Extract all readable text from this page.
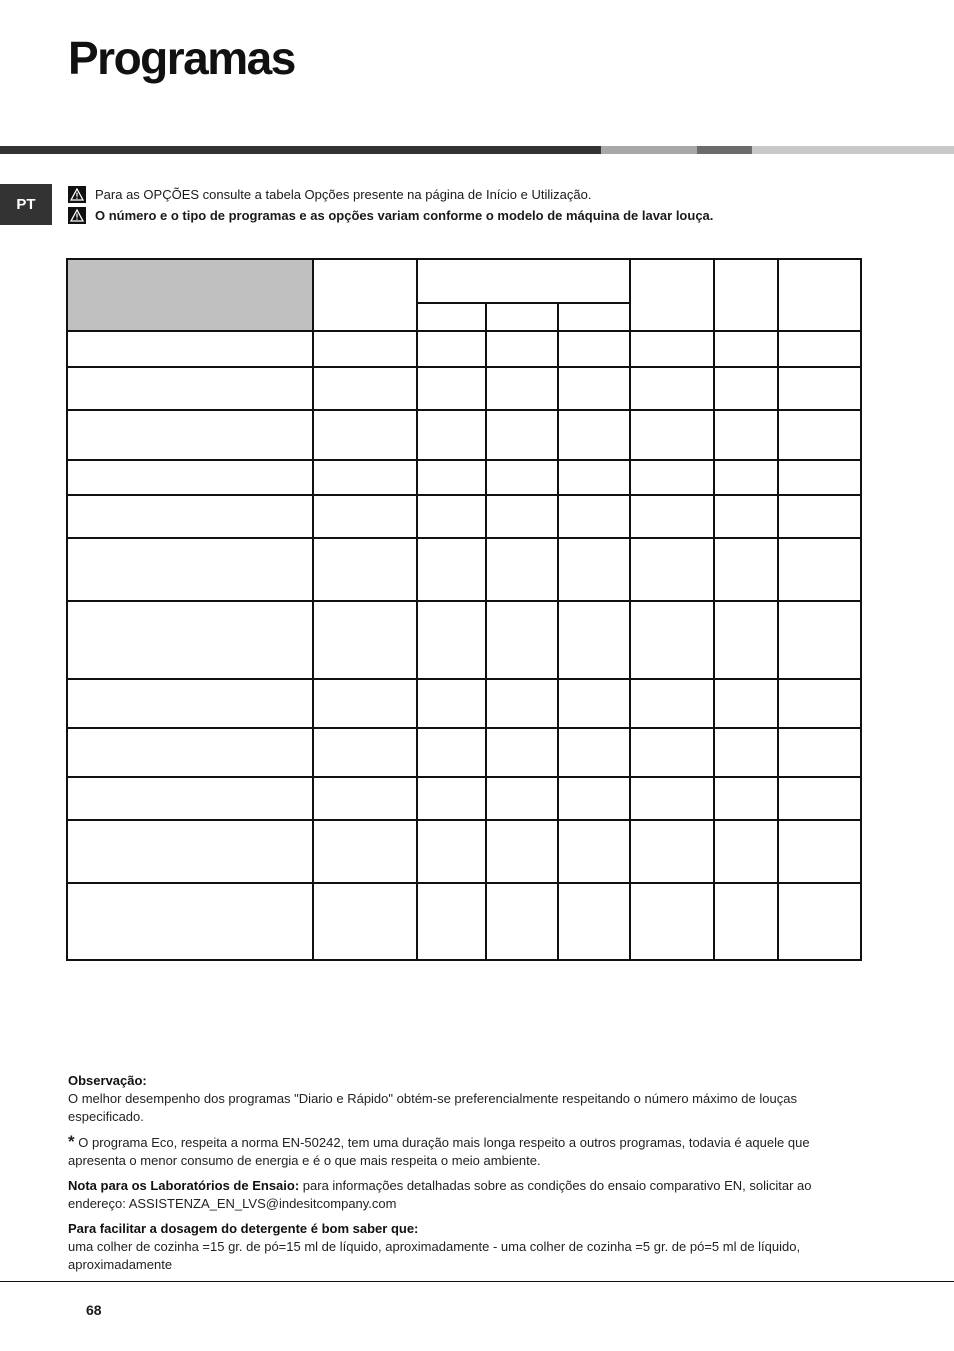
Programas
PT
Para as OPÇÕES consulte a tabela Opções presente na página de Início e Utilização.
O número e o tipo de programas e as opções variam conforme o modelo de máquina de lavar louça.

Observação:
O melhor desempenho dos programas "Diario e Rápido" obtém-se preferencialmente respeitando o número máximo de louças especificado.

* O programa Eco, respeita a norma EN-50242, tem uma duração mais longa respeito a outros programas, todavia é aquele que apresenta o menor consumo de energia e é o que mais respeita o meio ambiente.

Nota para os Laboratórios de Ensaio: para informações detalhadas sobre as condições do ensaio comparativo EN, solicitar ao endereço: ASSISTENZA_EN_LVS@indesitcompany.com

Para facilitar a dosagem do detergente é bom saber que:
uma colher de cozinha =15 gr. de pó=15 ml de líquido, aproximadamente - uma colher de cozinha =5 gr. de pó=5 ml de líquido, aproximadamente

68
